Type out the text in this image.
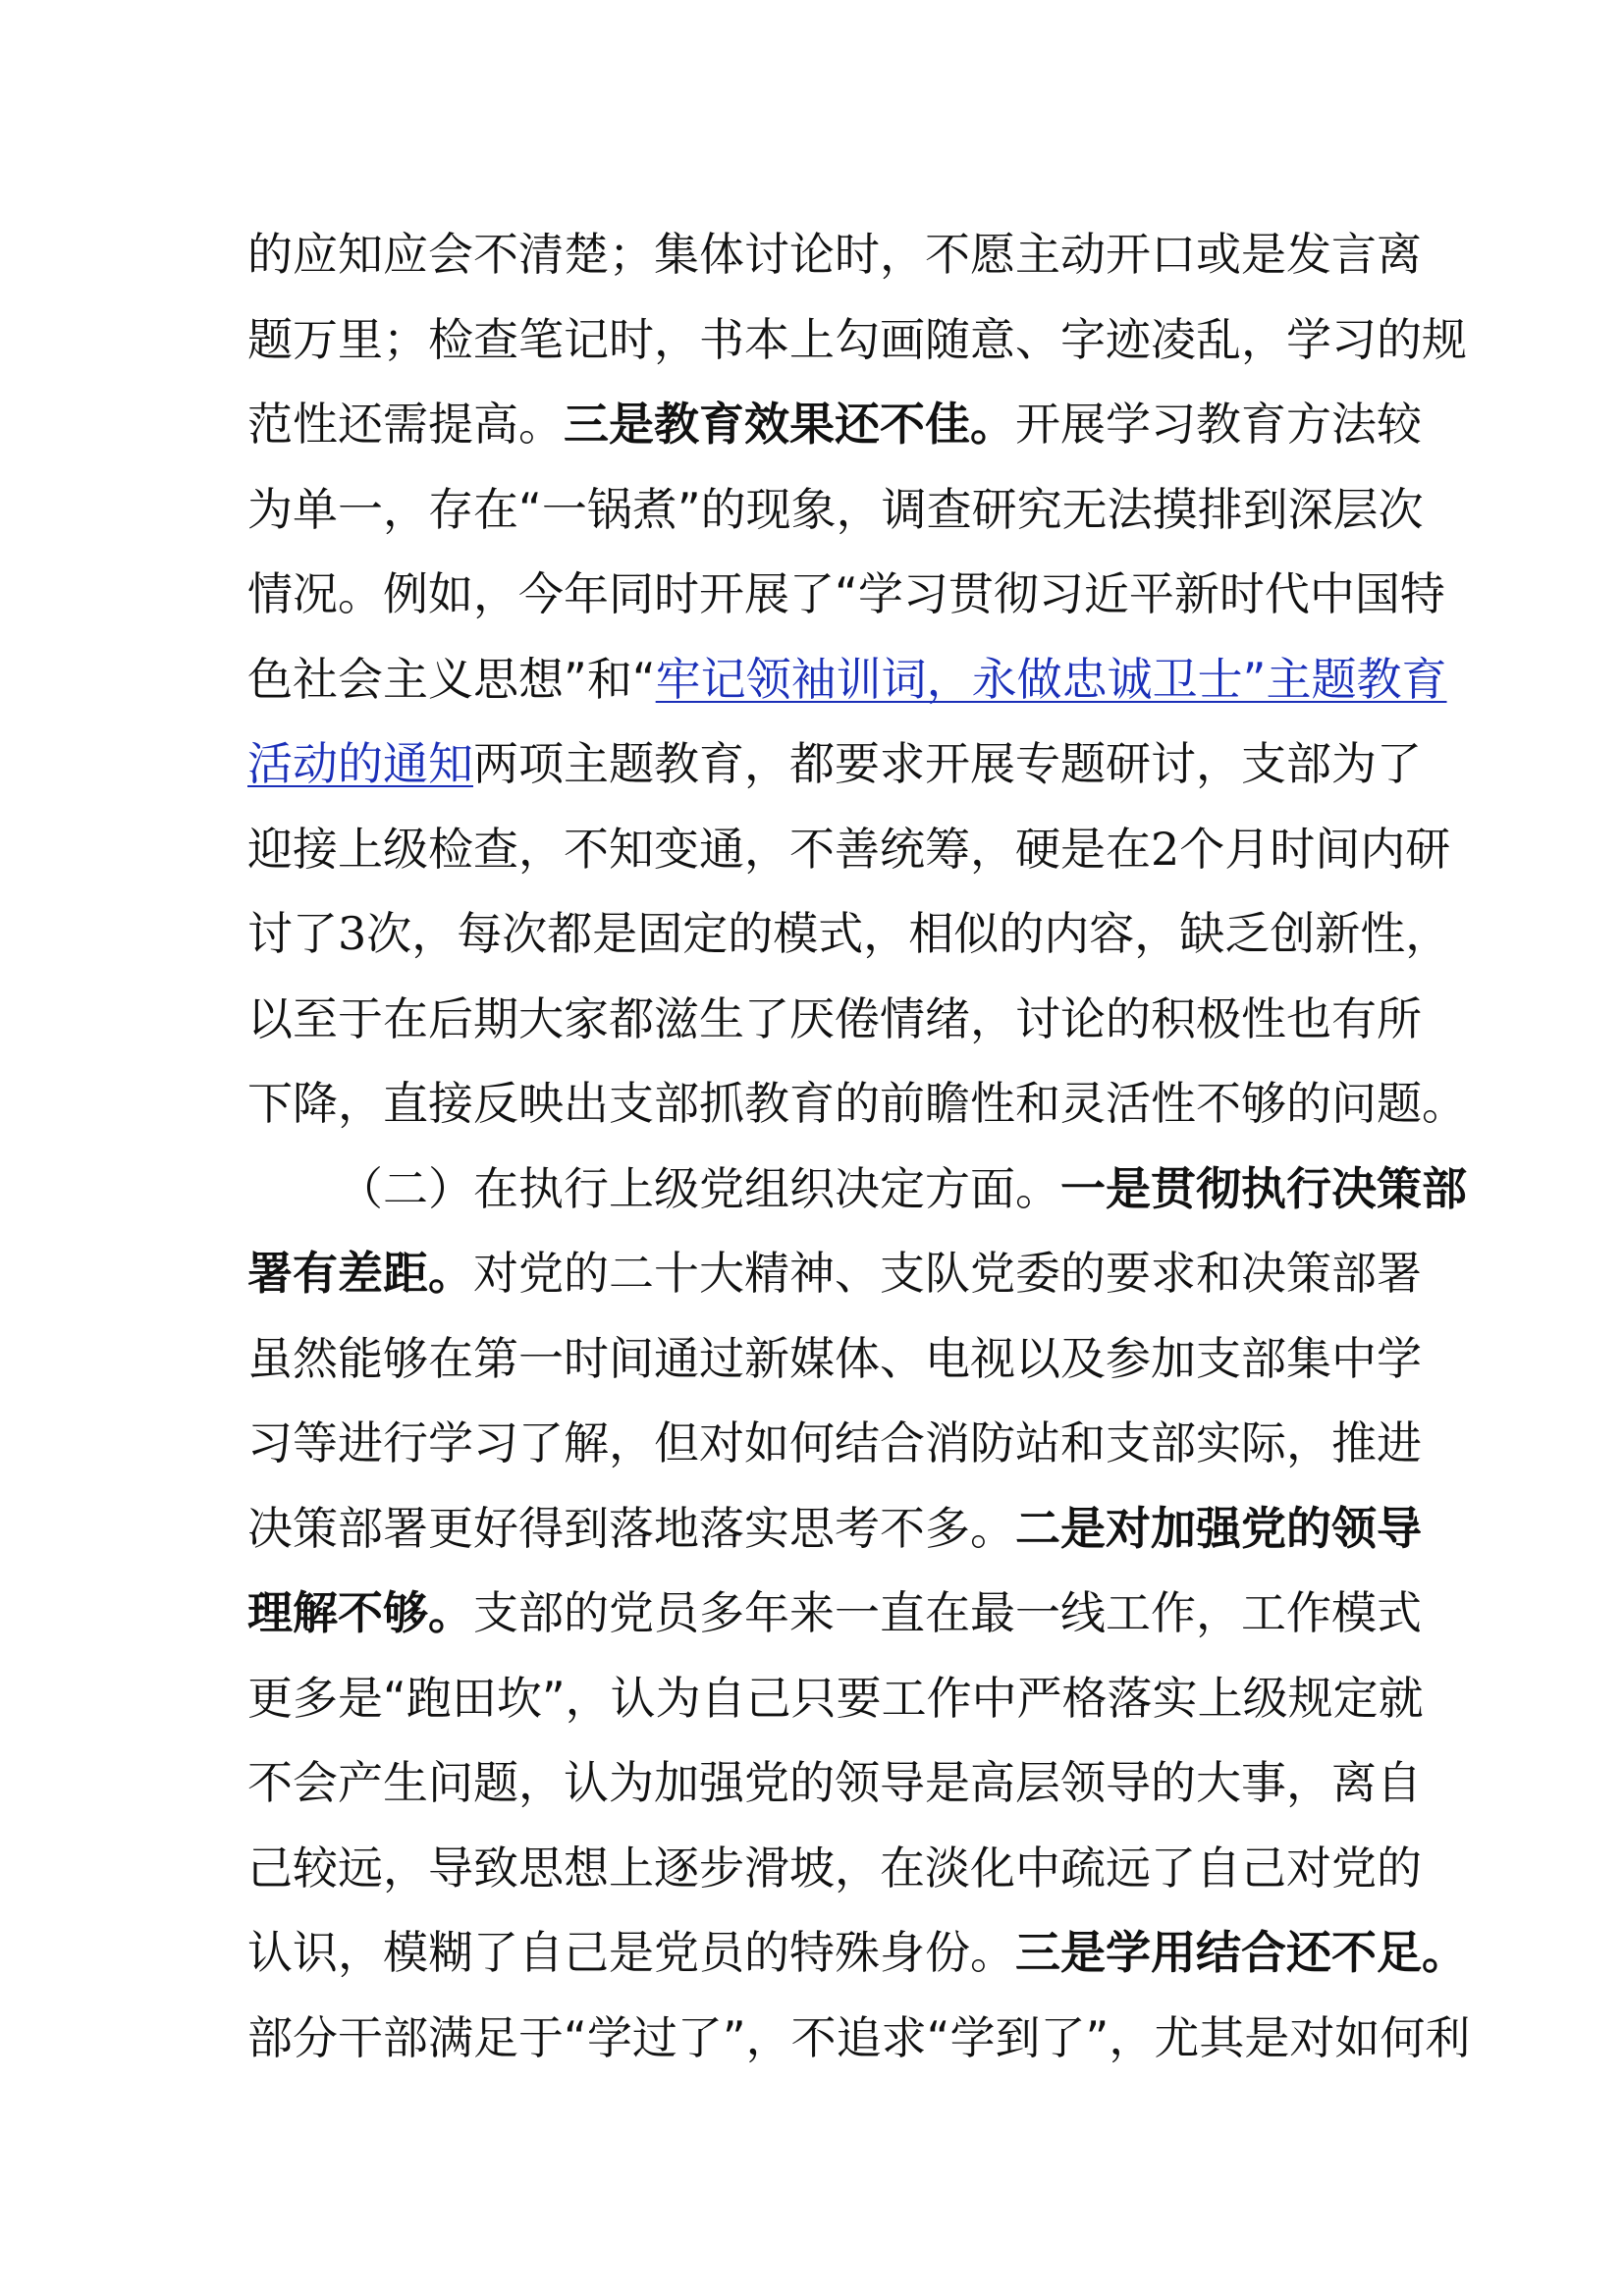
的应知应会不清楚；集体讨论时，不愿主动开口或是发言离
题万里；检查笔记时，书本上勾画随意、字迹凌乱，学习的规
范性还需提高。三是教育效果还不佳。开展学习教育方法较
为单一，存在“一锅煮”的现象，调查研究无法摸排到深层次
情况。例如，今年同时开展了“学习贯彻习近平新时代中国特
色社会主义思想”和“牢记领袖训词，永做忠诚卫士”主题教育
活动的通知两项主题教育，都要求开展专题研讨，支部为了
迎接上级检查，不知变通，不善统筹，硬是在2个月时间内研
讨了3次，每次都是固定的模式，相似的内容，缺乏创新性，
以至于在后期大家都滋生了厌倦情绪，讨论的积极性也有所
下降，直接反映出支部抓教育的前瞻性和灵活性不够的问题。
（二）在执行上级党组织决定方面。一是贯彻执行决策部
署有差距。对党的二十大精神、支队党委的要求和决策部署
虽然能够在第一时间通过新媒体、电视以及参加支部集中学
习等进行学习了解，但对如何结合消防站和支部实际，推进
决策部署更好得到落地落实思考不多。二是对加强党的领导
理解不够。支部的党员多年来一直在最一线工作，工作模式
更多是“跑田坎”，认为自己只要工作中严格落实上级规定就
不会产生问题，认为加强党的领导是高层领导的大事，离自
己较远，导致思想上逐步滑坡，在淡化中疏远了自己对党的
认识，模糊了自己是党员的特殊身份。三是学用结合还不足。
部分干部满足于“学过了”，不追求“学到了”，尤其是对如何利
